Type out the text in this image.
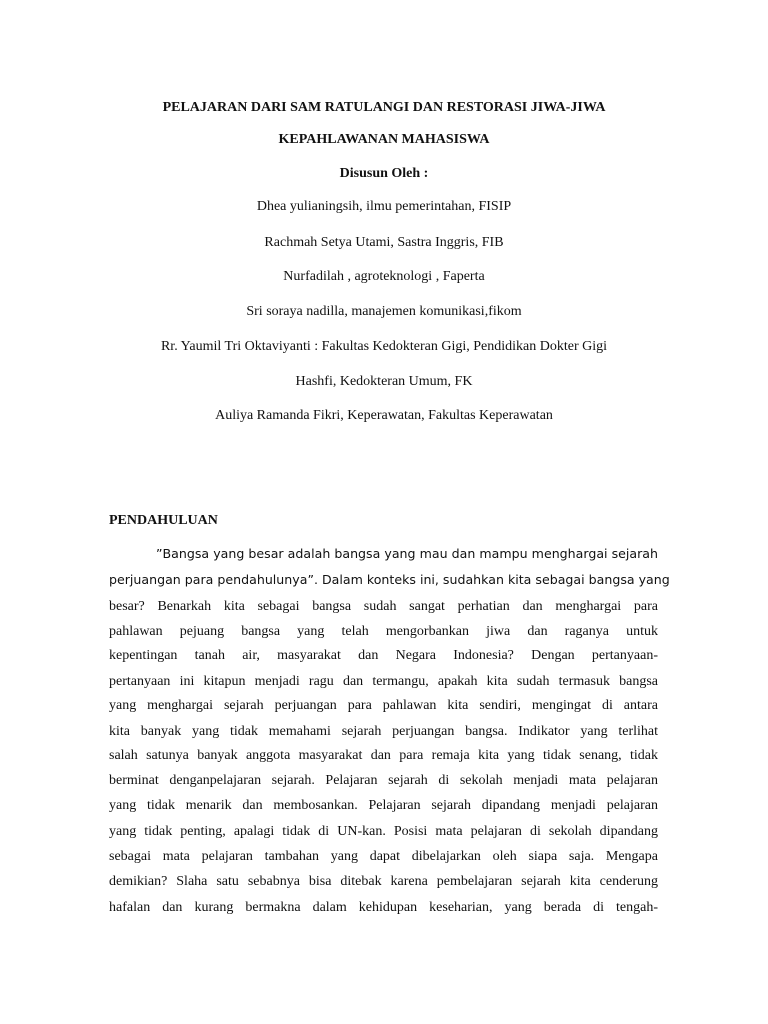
PELAJARAN DARI SAM RATULANGI DAN RESTORASI JIWA-JIWA

KEPAHLAWANAN MAHASISWA

Disusun Oleh :

Dhea yulianingsih, ilmu pemerintahan, FISIP

Rachmah Setya Utami, Sastra Inggris, FIB

Nurfadilah , agroteknologi , Faperta

Sri soraya nadilla, manajemen komunikasi,fikom

Rr. Yaumil Tri Oktaviyanti : Fakultas Kedokteran Gigi, Pendidikan Dokter Gigi

Hashfi, Kedokteran Umum, FK

Auliya Ramanda Fikri, Keperawatan, Fakultas Keperawatan

PENDAHULUAN

”Bangsa yang besar adalah bangsa yang mau dan mampu menghargai sejarah

perjuangan para pendahulunya”. Dalam konteks ini, sudahkan kita sebagai bangsa yang

besar? Benarkah kita sebagai bangsa sudah sangat perhatian dan menghargai para

pahlawan pejuang bangsa yang telah mengorbankan jiwa dan raganya untuk

kepentingan tanah air, masyarakat dan Negara Indonesia? Dengan pertanyaan-

pertanyaan ini kitapun menjadi ragu dan termangu, apakah kita sudah termasuk bangsa

yang menghargai sejarah perjuangan para pahlawan kita sendiri, mengingat di antara

kita banyak yang tidak memahami sejarah perjuangan bangsa. Indikator yang terlihat

salah satunya banyak anggota masyarakat dan para remaja kita yang tidak senang, tidak

berminat denganpelajaran sejarah. Pelajaran sejarah di sekolah menjadi mata pelajaran

yang tidak menarik dan membosankan. Pelajaran sejarah dipandang menjadi pelajaran

yang tidak penting, apalagi tidak di UN-kan. Posisi mata pelajaran di sekolah dipandang

sebagai mata pelajaran tambahan yang dapat dibelajarkan oleh siapa saja. Mengapa

demikian? Slaha satu sebabnya bisa ditebak karena pembelajaran sejarah kita cenderung

hafalan dan kurang bermakna dalam kehidupan keseharian, yang berada di tengah-
